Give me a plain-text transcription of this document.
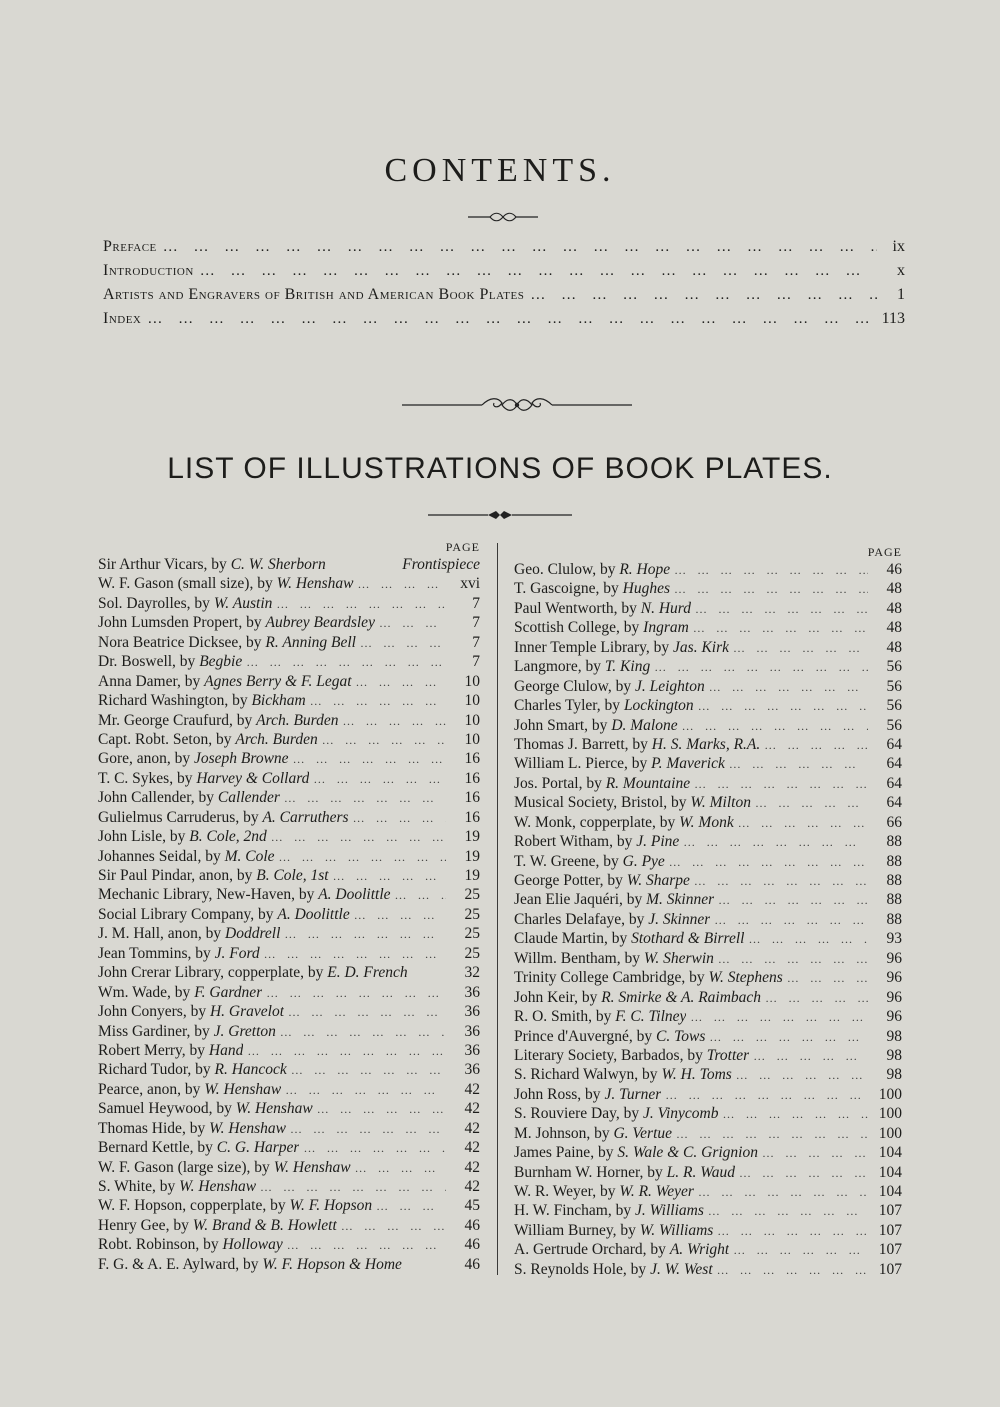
CONTENTS.
Preface … … … … … … … … … … … … … … … … … … … … … … … … … … … … … … … … … … … … …	ix
Introduction … … … … … … … … … … … … … … … … … … … … … … … … … … … … … … … … … … … … …	x
Artists and Engravers of British and American Book Plates … … … … … … … … … … … … … … … … … … … … … … … … … … … … … … … … … … … … …	1
Index … … … … … … … … … … … … … … … … … … … … … … … … … … … … … … … … … … … … …	113
LIST OF ILLUSTRATIONS OF BOOK PLATES.
PAGE
Sir Arthur Vicars, by C. W. Sherborn	Frontispiece
W. F. Gason (small size), by W. Henshaw … … … … … … … … … … … … … … … … … …	xvi
Sol. Dayrolles, by W. Austin … … … … … … … … … … … … … … … … … …	7
John Lumsden Propert, by Aubrey Beardsley … … … … … … … … … … … … … … … … … …	7
Nora Beatrice Dicksee, by R. Anning Bell … … … … … … … … … … … … … … … … … …	7
Dr. Boswell, by Begbie … … … … … … … … … … … … … … … … … …	7
Anna Damer, by Agnes Berry & F. Legat … … … … … … … … … … … … … … … … … …	10
Richard Washington, by Bickham … … … … … … … … … … … … … … … … … …	10
Mr. George Craufurd, by Arch. Burden … … … … … … … … … … … … … … … … … …	10
Capt. Robt. Seton, by Arch. Burden … … … … … … … … … … … … … … … … … …	10
Gore, anon, by Joseph Browne … … … … … … … … … … … … … … … … … …	16
T. C. Sykes, by Harvey & Collard … … … … … … … … … … … … … … … … … …	16
John Callender, by Callender … … … … … … … … … … … … … … … … … …	16
Gulielmus Carruderus, by A. Carruthers … … … … … … … … … … … … … … … … … …	16
John Lisle, by B. Cole, 2nd … … … … … … … … … … … … … … … … … …	19
Johannes Seidal, by M. Cole … … … … … … … … … … … … … … … … … …	19
Sir Paul Pindar, anon, by B. Cole, 1st … … … … … … … … … … … … … … … … … …	19
Mechanic Library, New-Haven, by A. Doolittle … … … … … … … … … … … … … … … … … …	25
Social Library Company, by A. Doolittle … … … … … … … … … … … … … … … … … …	25
J. M. Hall, anon, by Doddrell … … … … … … … … … … … … … … … … … …	25
Jean Tommins, by J. Ford … … … … … … … … … … … … … … … … … …	25
John Crerar Library, copperplate, by E. D. French	32
Wm. Wade, by F. Gardner … … … … … … … … … … … … … … … … … …	36
John Conyers, by H. Gravelot … … … … … … … … … … … … … … … … … …	36
Miss Gardiner, by J. Gretton … … … … … … … … … … … … … … … … … …	36
Robert Merry, by Hand … … … … … … … … … … … … … … … … … …	36
Richard Tudor, by R. Hancock … … … … … … … … … … … … … … … … … …	36
Pearce, anon, by W. Henshaw … … … … … … … … … … … … … … … … … …	42
Samuel Heywood, by W. Henshaw … … … … … … … … … … … … … … … … … …	42
Thomas Hide, by W. Henshaw … … … … … … … … … … … … … … … … … …	42
Bernard Kettle, by C. G. Harper … … … … … … … … … … … … … … … … … …	42
W. F. Gason (large size), by W. Henshaw … … … … … … … … … … … … … … … … … …	42
S. White, by W. Henshaw … … … … … … … … … … … … … … … … … …	42
W. F. Hopson, copperplate, by W. F. Hopson … … … … … … … … … … … … … … … … … …	45
Henry Gee, by W. Brand & B. Howlett … … … … … … … … … … … … … … … … … …	46
Robt. Robinson, by Holloway … … … … … … … … … … … … … … … … … …	46
F. G. & A. E. Aylward, by W. F. Hopson & Home	46
PAGE
Geo. Clulow, by R. Hope … … … … … … … … … … … … … … … … … …	46
T. Gascoigne, by Hughes … … … … … … … … … … … … … … … … … …	48
Paul Wentworth, by N. Hurd … … … … … … … … … … … … … … … … … …	48
Scottish College, by Ingram … … … … … … … … … … … … … … … … … …	48
Inner Temple Library, by Jas. Kirk … … … … … … … … … … … … … … … … … …	48
Langmore, by T. King … … … … … … … … … … … … … … … … … …	56
George Clulow, by J. Leighton … … … … … … … … … … … … … … … … … …	56
Charles Tyler, by Lockington … … … … … … … … … … … … … … … … … …	56
John Smart, by D. Malone … … … … … … … … … … … … … … … … … …	56
Thomas J. Barrett, by H. S. Marks, R.A. … … … … … … … … … … … … … … … … … …	64
William L. Pierce, by P. Maverick … … … … … … … … … … … … … … … … … …	64
Jos. Portal, by R. Mountaine … … … … … … … … … … … … … … … … … …	64
Musical Society, Bristol, by W. Milton … … … … … … … … … … … … … … … … … …	64
W. Monk, copperplate, by W. Monk … … … … … … … … … … … … … … … … … …	66
Robert Witham, by J. Pine … … … … … … … … … … … … … … … … … …	88
T. W. Greene, by G. Pye … … … … … … … … … … … … … … … … … …	88
George Potter, by W. Sharpe … … … … … … … … … … … … … … … … … …	88
Jean Elie Jaquéri, by M. Skinner … … … … … … … … … … … … … … … … … …	88
Charles Delafaye, by J. Skinner … … … … … … … … … … … … … … … … … …	88
Claude Martin, by Stothard & Birrell … … … … … … … … … … … … … … … … … …	93
Willm. Bentham, by W. Sherwin … … … … … … … … … … … … … … … … … …	96
Trinity College Cambridge, by W. Stephens … … … … … … … … … … … … … … … … … …	96
John Keir, by R. Smirke & A. Raimbach … … … … … … … … … … … … … … … … … …	96
R. O. Smith, by F. C. Tilney … … … … … … … … … … … … … … … … … …	96
Prince d'Auvergné, by C. Tows … … … … … … … … … … … … … … … … … …	98
Literary Society, Barbados, by Trotter … … … … … … … … … … … … … … … … … …	98
S. Richard Walwyn, by W. H. Toms … … … … … … … … … … … … … … … … … …	98
John Ross, by J. Turner … … … … … … … … … … … … … … … … … …	100
S. Rouviere Day, by J. Vinycomb … … … … … … … … … … … … … … … … … …	100
M. Johnson, by G. Vertue … … … … … … … … … … … … … … … … … …	100
James Paine, by S. Wale & C. Grignion … … … … … … … … … … … … … … … … … …	104
Burnham W. Horner, by L. R. Waud … … … … … … … … … … … … … … … … … …	104
W. R. Weyer, by W. R. Weyer … … … … … … … … … … … … … … … … … …	104
H. W. Fincham, by J. Williams … … … … … … … … … … … … … … … … … …	107
William Burney, by W. Williams … … … … … … … … … … … … … … … … … …	107
A. Gertrude Orchard, by A. Wright … … … … … … … … … … … … … … … … … …	107
S. Reynolds Hole, by J. W. West … … … … … … … … … … … … … … … … … …	107
